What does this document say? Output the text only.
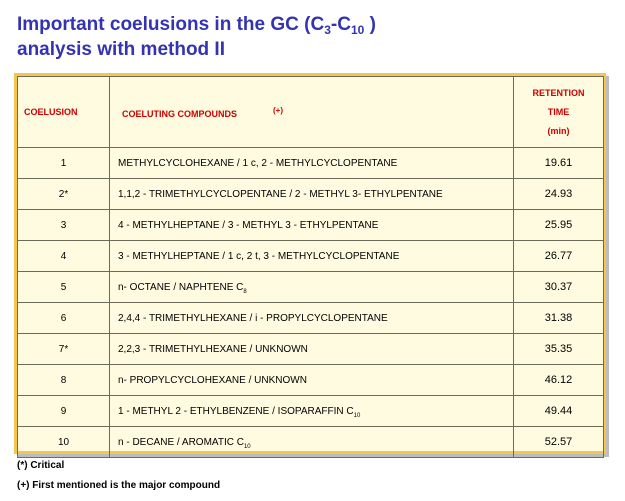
Important coelusions in the GC ($C_3-C_{10}$ )
analysis with method II
COELUSION	COELUTING COMPOUNDS (+)	RETENTION
TIME
(min)

1	METHYLCYCLOHEXANE / 1 c, 2 - METHYLCYCLOPENTANE	19.61
2*	1,1,2 - TRIMETHYLCYCLOPENTANE / 2 - METHYL 3- ETHYLPENTANE	24.93
3	4 - METHYLHEPTANE / 3 - METHYL 3 - ETHYLPENTANE	25.95
4	3 - METHYLHEPTANE / 1 c, 2 t, 3 - METHYLCYCLOPENTANE	26.77
5	n- OCTANE / NAPHTENE $C_8$	30.37
6	2,4,4 - TRIMETHYLHEXANE / i - PROPYLCYCLOPENTANE	31.38
7*	2,2,3 - TRIMETHYLHEXANE / UNKNOWN	35.35
8	n- PROPYLCYCLOHEXANE / UNKNOWN	46.12
9	1 - METHYL 2 - ETHYLBENZENE / ISOPARAFFIN $C_{10}$	49.44
10	n - DECANE / AROMATIC $C_{10}$	52.57
(*) Critical
(+) First mentioned is the major compound
